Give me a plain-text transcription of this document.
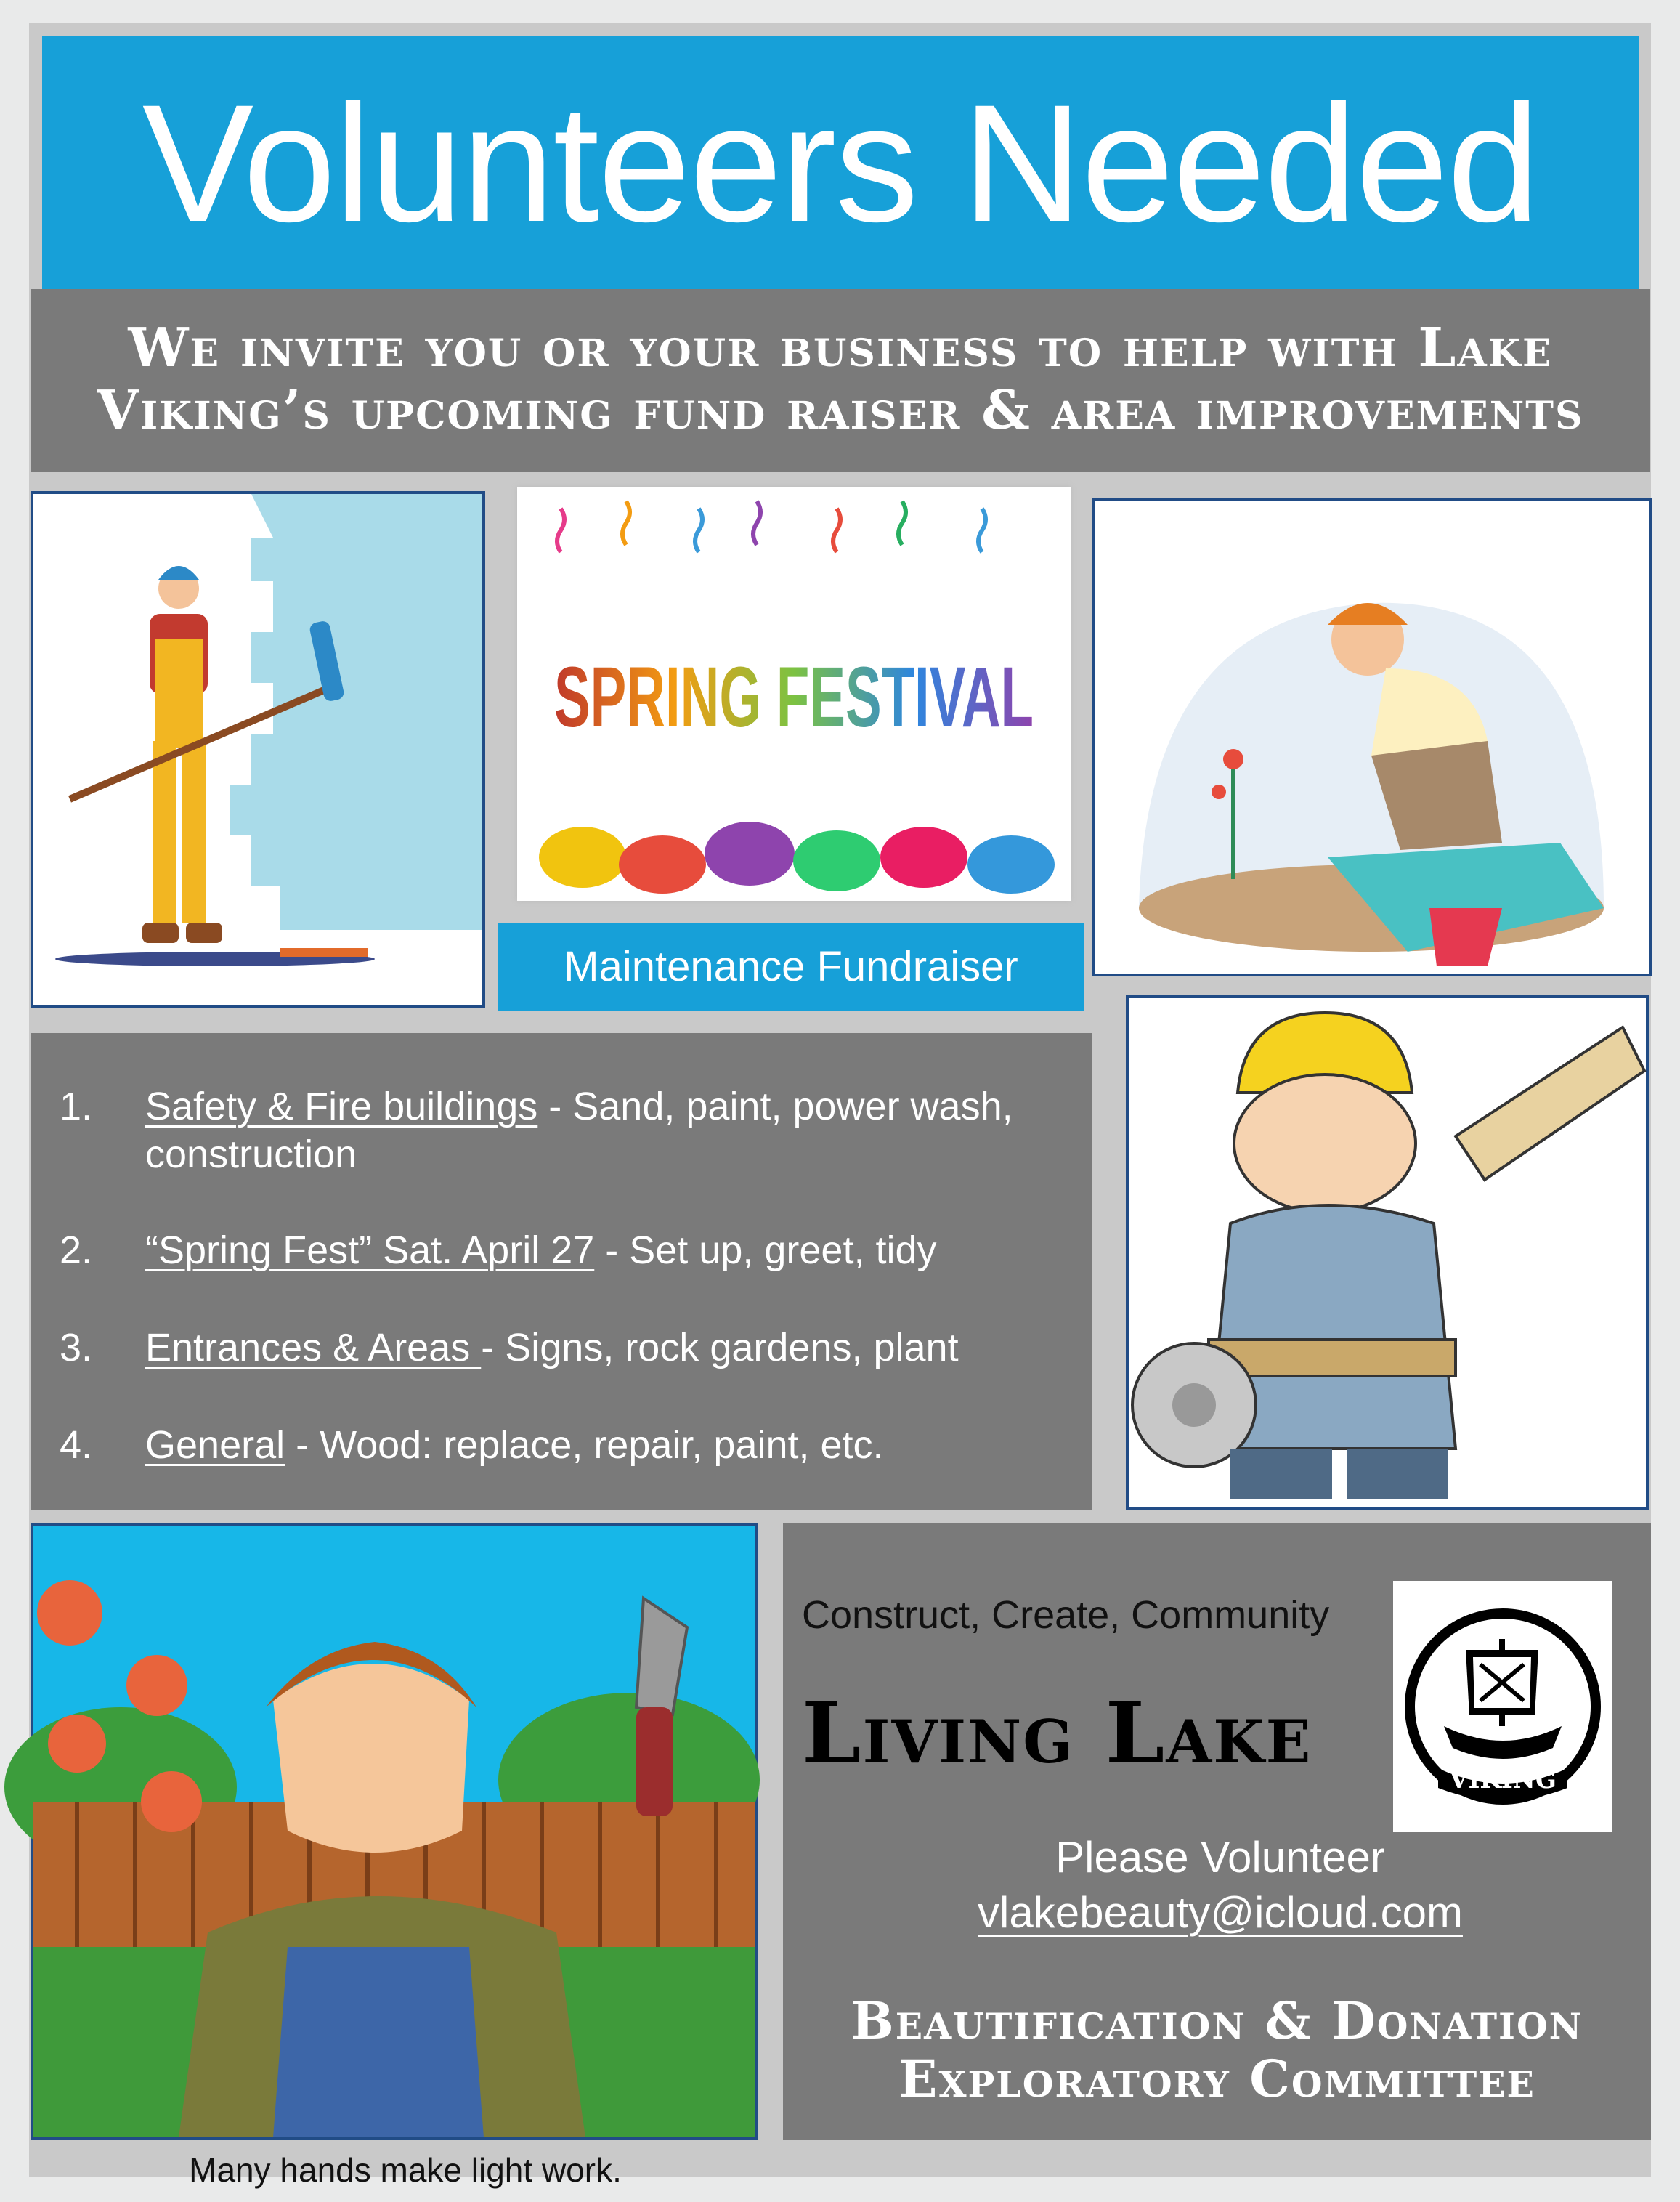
Volunteers Needed
We invite you or your business to help with Lake
Viking’s upcoming fund raiser & area improvements
SPRING FESTIVAL
Maintenance Fundraiser
1. Safety & Fire buildings - Sand, paint, power wash, construction
2. “Spring Fest” Sat. April 27 - Set up, greet, tidy
3. Entrances & Areas - Signs, rock gardens, plant
4. General - Wood: replace, repair, paint, etc.
Construct, Create, Community
Living Lake	VIKING
Please Volunteer
vlakebeauty@icloud.com
Beautification & Donation
Exploratory Committee
Many hands make light work.
